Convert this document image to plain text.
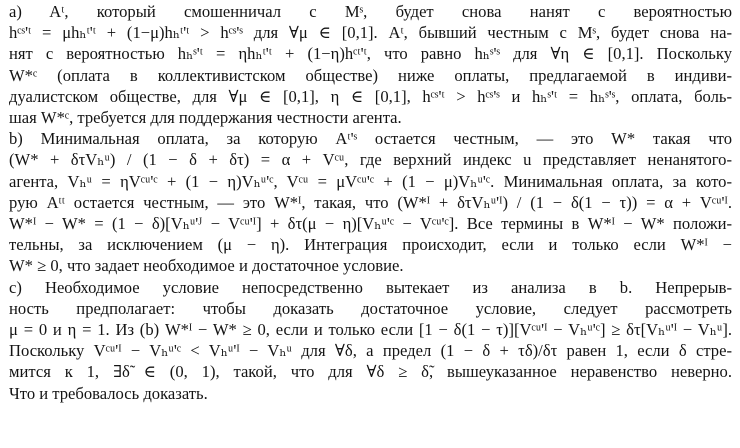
a) Aᵗ, который смошенничал с Mˢ, будет снова нанят с вероятностью
hᶜˢ'ᵗ = μhₕᵗ'ᵗ + (1−μ)hₕᵗ'ᵗ > hᶜˢ'ˢ для ∀μ ∈ [0,1]. Aᵗ, бывший честным с Mˢ, будет снова на-
нят с вероятностью hₕˢ'ᵗ = ηhₕᵗ'ᵗ + (1−η)hᶜᵗ'ᵗ, что равно hₕˢ'ˢ для ∀η ∈ [0,1]. Поскольку
W*ᶜ (оплата в коллективистском обществе) ниже оплаты, предлагаемой в индиви-
дуалистском обществе, для ∀μ ∈ [0,1], η ∈ [0,1], hᶜˢ'ᵗ > hᶜˢ'ˢ и hₕˢ'ᵗ = hₕˢ'ˢ, оплата, боль-
шая W*ᶜ, требуется для поддержания честности агента.
b) Минимальная оплата, за которую Aᵗ'ˢ остается честным, — это W* такая что
(W* + δτVₕᵘ) / (1 − δ + δτ) = α + Vᶜᵘ, где верхний индекс u представляет ненанятого-
агента, Vₕᵘ = ηVᶜᵘ'ᶜ + (1 − η)Vₕᵘ'ᶜ, Vᶜᵘ = μVᶜᵘ'ᶜ + (1 − μ)Vₕᵘ'ᶜ. Минимальная оплата, за кото-
рую Aᵗᵗ остается честным, — это W*ᴵ, такая, что (W*ᴵ + δτVₕᵘ'ᴵ) / (1 − δ(1 − τ)) = α + Vᶜᵘ'ᴵ.
W*ᴵ − W* = (1 − δ)[Vₕᵘ'ᴶ − Vᶜᵘ'ᴵ] + δτ(μ − η)[Vₕᵘ'ᶜ − Vᶜᵘ'ᶜ]. Все термины в W*ᴵ − W* положи-
тельны, за исключением (μ − η). Интеграция происходит, если и только если W*ᴵ −
W* ≥ 0, что задает необходимое и достаточное условие.
c) Необходимое условие непосредственно вытекает из анализа в b. Непрерыв-
ность предполагает: чтобы доказать достаточное условие, следует рассмотреть
μ = 0 и η = 1. Из (b) W*ᴵ − W* ≥ 0, если и только если [1 − δ(1 − τ)][Vᶜᵘ'ᴵ − Vₕᵘ'ᶜ] ≥ δτ[Vₕᵘ'ᴵ − Vₕᵘ].
Поскольку Vᶜᵘ'ᴵ − Vₕᵘ'ᶜ < Vₕᵘ'ᴵ − Vₕᵘ для ∀δ, а предел (1 − δ + τδ)/δτ равен 1, если δ стре-
мится к 1, ∃δ̃ ∈ (0, 1), такой, что для ∀δ ≥ δ̃, вышеуказанное неравенство неверно.
Что и требовалось доказать.
